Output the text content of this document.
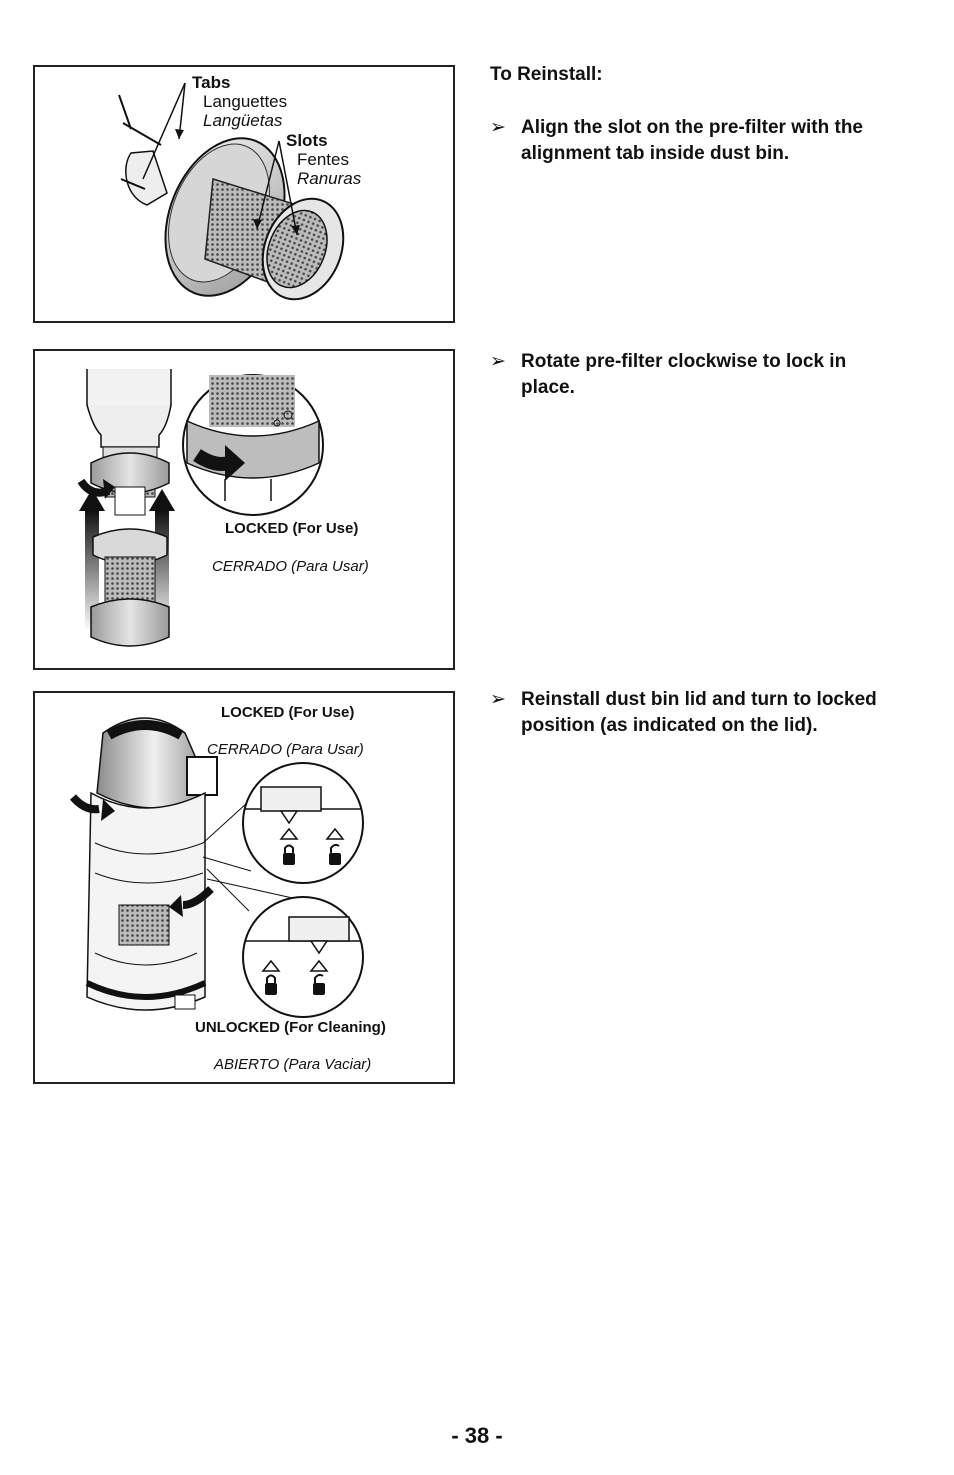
Tabs
Languettes
Langüetas
Slots
Fentes
Ranuras
LOCKED (For Use)
CERRADO (Para Usar)
LOCKED (For Use)
CERRADO (Para Usar)
UNLOCKED (For Cleaning)
ABIERTO (Para Vaciar)
To Reinstall:
➢ Align the slot on the pre-filter with the alignment tab inside dust bin.
➢ Rotate pre-filter clockwise to lock in place.
➢ Reinstall dust bin lid and turn to locked position (as indicated on the lid).
- 38 -
